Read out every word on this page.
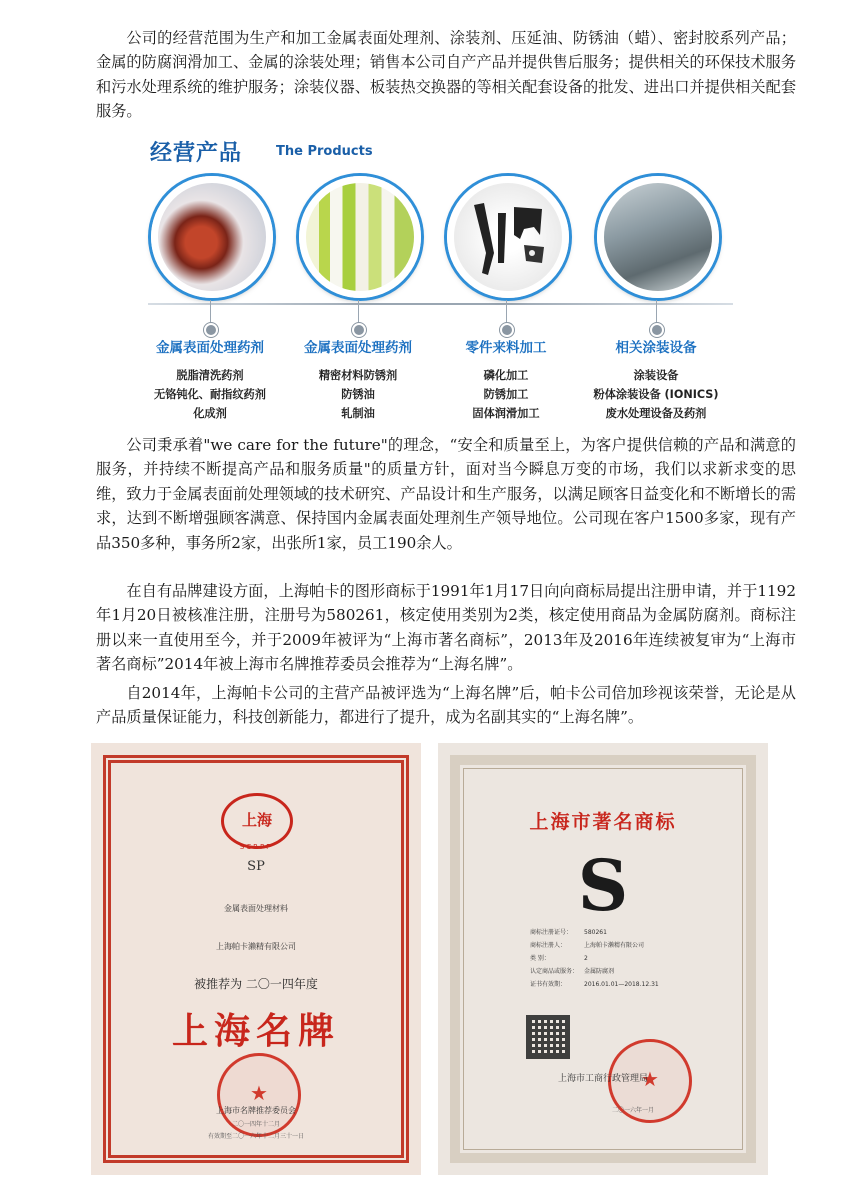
公司的经营范围为生产和加工金属表面处理剂、涂装剂、压延油、防锈油（蜡）、密封胶系列产品；金属的防腐润滑加工、金属的涂装处理；销售本公司自产产品并提供售后服务；提供相关的环保技术服务和污水处理系统的维护服务；涂装仪器、板装热交换器的等相关配套设备的批发、进出口并提供相关配套服务。

经营产品	The Products
金属表面处理药剂
脱脂清洗药剂
无铬钝化、耐指纹药剂
化成剂
金属表面处理药剂
精密材料防锈剂
防锈油
轧制油
零件来料加工
磷化加工
防锈加工
固体润滑加工
相关涂装设备
涂装设备
粉体涂装设备 (IONICS)
废水处理设备及药剂

公司秉承着"we care for the future"的理念，“安全和质量至上，为客户提供信赖的产品和满意的服务，并持续不断提高产品和服务质量"的质量方针，面对当今瞬息万变的市场，我们以求新求变的思维，致力于金属表面前处理领域的技术研究、产品设计和生产服务，以满足顾客日益变化和不断增长的需求，达到不断增强顾客满意、保持国内金属表面处理剂生产领导地位。公司现在客户1500多家，现有产品350多种，事务所2家，出张所1家，员工190余人。

在自有品牌建设方面，上海帕卡的图形商标于1991年1月17日向向商标局提出注册申请，并于1192年1月20日被核准注册，注册号为580261，核定使用类别为2类，核定使用商品为金属防腐剂。商标注册以来一直使用至今，并于2009年被评为“上海市著名商标”，2013年及2016年连续被复审为“上海市著名商标”2014年被上海市名牌推荐委员会推荐为“上海名牌”。

自2014年，上海帕卡公司的主营产品被评选为“上海名牌”后，帕卡公司倍加珍视该荣誉，无论是从产品质量保证能力，科技创新能力，都进行了提升，成为名副其实的“上海名牌”。

上海
SCRPF
SP
金属表面处理材料
上海帕卡濑精有限公司
被推荐为 二〇一四年度
上海名牌
★
上海市名牌推荐委员会
二〇一四年十二月
有效期至二〇一六年十二月三十一日
上海市著名商标
S
商标注册证号： 580261
商标注册人：	上海帕卡濑精有限公司
类 别：	2
认定商品或服务： 金属防腐剂
证书有效期：	2016.01.01—2018.12.31
★
上海市工商行政管理局
二〇一六年一月
